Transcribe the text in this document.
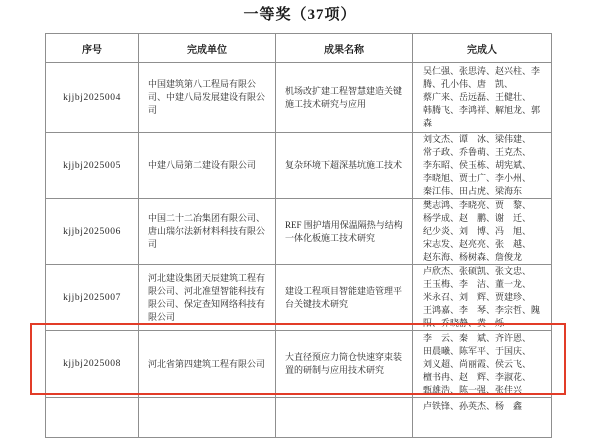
一等奖（37项）
序号	完成单位	成果名称	完成人
kjjbj2025004	中国建筑第八工程局有限公司、中建八局发展建设有限公司	机场改扩建工程智慧建造关键施工技术研究与应用	吴仁强、张思涛、赵兴柱、李　腾、孔小伟、唐　凯、蔡广来、岳远磊、王健壮、韩腾飞、李鸿祥、解旭龙、郭　森
kjjbj2025005	中建八局第二建设有限公司	复杂环境下超深基坑施工技术	刘文杰、谭　冰、梁伟建、常子政、乔鲁萌、王克杰、李东昭、侯玉栋、胡宪斌、李晓旭、贾士广、李小州、秦江伟、田占虎、梁海东
kjjbj2025006	中国二十二冶集团有限公司、唐山瑞尔法新材料科技有限公司	REF 围护墙用保温隔热与结构一体化板施工技术研究	樊志鸿、李晓亮、贾　黎、杨学成、赵　鹏、谢　迁、纪少炎、刘　博、冯　旭、宋志发、赵亮亮、张　越、赵东海、杨树森、詹俊龙
kjjbj2025007	河北建设集团天辰建筑工程有限公司、河北准望智能科技有限公司、保定查知网络科技有限公司	建设工程项目智能建造管理平台关键技术研究	卢欣杰、张硕凯、张文忠、王玉梅、李　洁、董一龙、米永召、刘　辉、贾建珍、王鸿嘉、李　琴、李宗哲、隗　阳、乔晓静、黄　烁
kjjbj2025008	河北省第四建筑工程有限公司	大直径预应力筒仓快速穿束装置的研制与应用技术研究	李　云、秦　斌、齐许恩、田晨曦、陈军平、于国庆、刘义超、尚丽霞、侯云飞、檀书冉、赵　辉、李淑花、甄雄浩、陈一强、张佳兴
			卢铁锋、孙英杰、杨　鑫
